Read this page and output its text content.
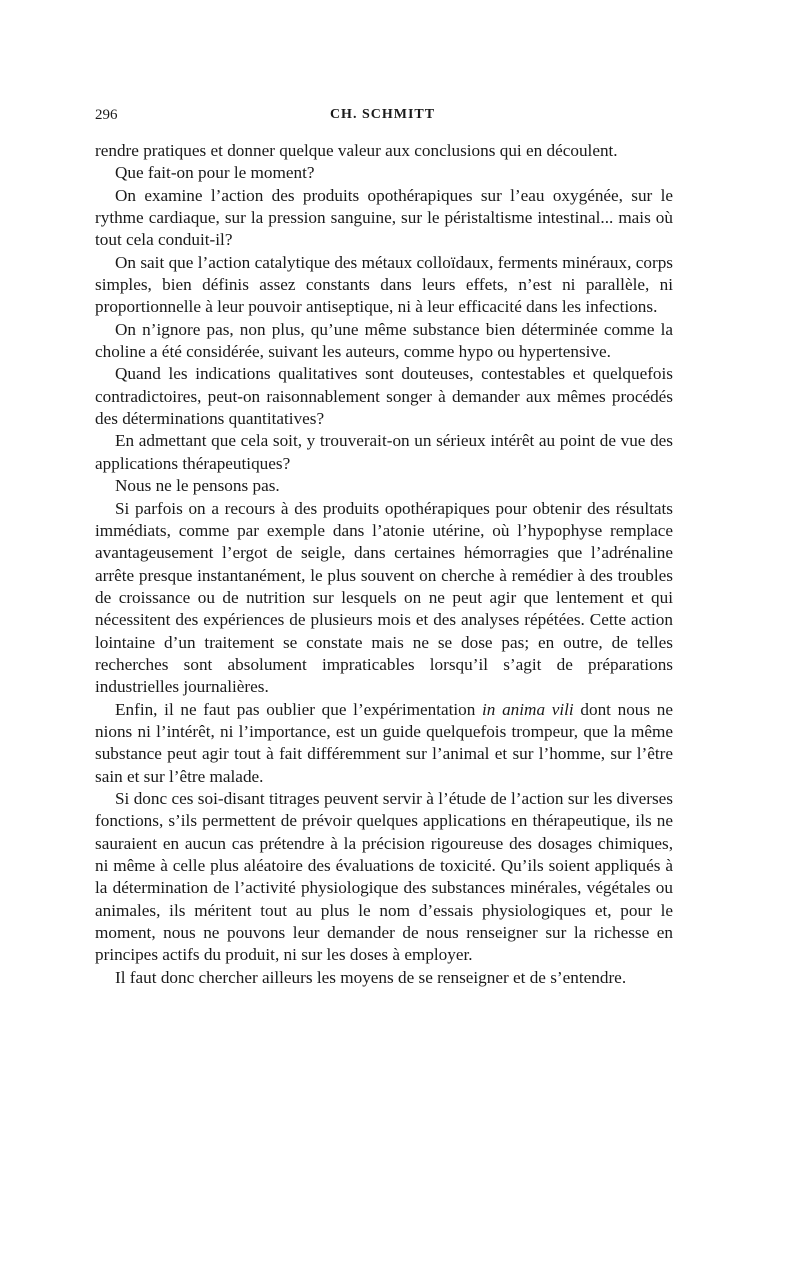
296	CH. SCHMITT

rendre pratiques et donner quelque valeur aux conclusions qui en découlent.

Que fait-on pour le moment?

On examine l’action des produits opothérapiques sur l’eau oxygénée, sur le rythme cardiaque, sur la pression sanguine, sur le péristaltisme intestinal... mais où tout cela conduit-il?

On sait que l’action catalytique des métaux colloïdaux, ferments minéraux, corps simples, bien définis assez constants dans leurs effets, n’est ni parallèle, ni proportionnelle à leur pouvoir antiseptique, ni à leur efficacité dans les infections.

On n’ignore pas, non plus, qu’une même substance bien déterminée comme la choline a été considérée, suivant les auteurs, comme hypo ou hypertensive.

Quand les indications qualitatives sont douteuses, contestables et quelquefois contradictoires, peut-on raisonnablement songer à demander aux mêmes procédés des déterminations quantitatives?

En admettant que cela soit, y trouverait-on un sérieux intérêt au point de vue des applications thérapeutiques?

Nous ne le pensons pas.

Si parfois on a recours à des produits opothérapiques pour obtenir des résultats immédiats, comme par exemple dans l’atonie utérine, où l’hypophyse remplace avantageusement l’ergot de seigle, dans certaines hémorragies que l’adrénaline arrête presque instantanément, le plus souvent on cherche à remédier à des troubles de croissance ou de nutrition sur lesquels on ne peut agir que lentement et qui nécessitent des expériences de plusieurs mois et des analyses répétées. Cette action lointaine d’un traitement se constate mais ne se dose pas; en outre, de telles recherches sont absolument impraticables lorsqu’il s’agit de préparations industrielles journalières.

Enfin, il ne faut pas oublier que l’expérimentation in anima vili dont nous ne nions ni l’intérêt, ni l’importance, est un guide quelquefois trompeur, que la même substance peut agir tout à fait différemment sur l’animal et sur l’homme, sur l’être sain et sur l’être malade.

Si donc ces soi-disant titrages peuvent servir à l’étude de l’action sur les diverses fonctions, s’ils permettent de prévoir quelques applications en thérapeutique, ils ne sauraient en aucun cas prétendre à la précision rigoureuse des dosages chimiques, ni même à celle plus aléatoire des évaluations de toxicité. Qu’ils soient appliqués à la détermination de l’activité physiologique des substances minérales, végétales ou animales, ils méritent tout au plus le nom d’essais physiologiques et, pour le moment, nous ne pouvons leur demander de nous renseigner sur la richesse en principes actifs du produit, ni sur les doses à employer.

Il faut donc chercher ailleurs les moyens de se renseigner et de s’entendre.
